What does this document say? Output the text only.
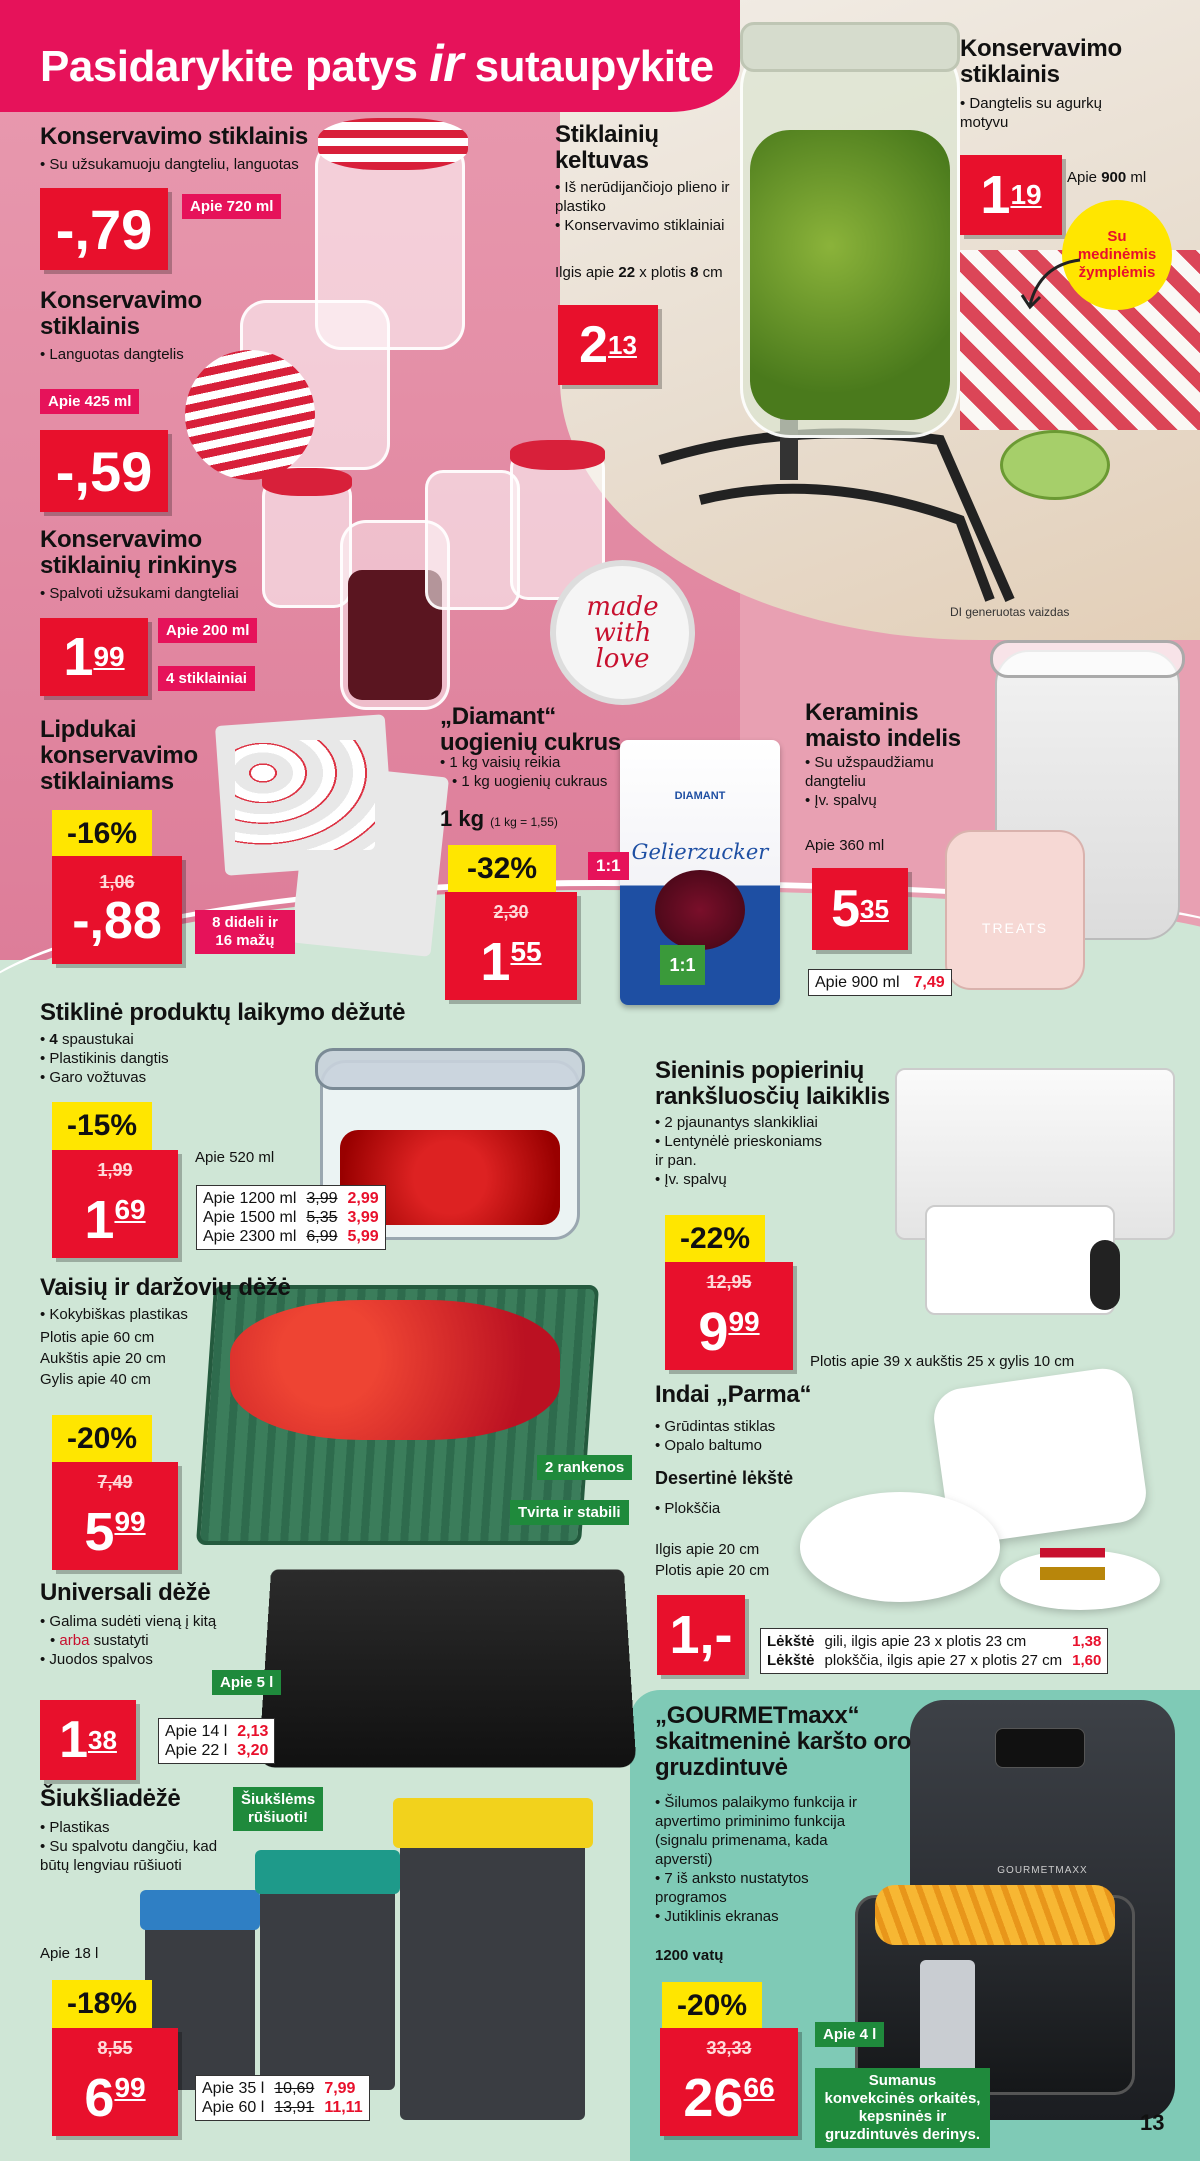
Pasidarykite patys ir sutaupykite
Konservavimo stiklainis
• Su užsukamuoju dangteliu, languotas
-,79	Apie 720 ml
Konservavimo stiklainis
• Languotas dangtelis
Apie 425 ml
-,59
made
with
love
Konservavimo stiklainių rinkinys
• Spalvoti užsukami dangteliai
1 99
Apie 200 ml
4 stiklainiai
Stiklainių keltuvas
• Iš nerūdijančiojo plieno ir plastiko
• Konservavimo stiklainiai
Ilgis apie 22 x plotis 8 cm
2 13
Konservavimo stiklainis
• Dangtelis su agurkų motyvu
1 19
Apie 900 ml
Su medinėmis žymplėmis
DI generuotas vaizdas
Lipdukai konservavimo stiklainiams
-16%
1,06
-,88	8 dideli ir 16 mažų
DIAMANT
Gelierzucker
1:1
„Diamant“ uogienių cukrus
• 1 kg vaisių reikia
• 1 kg uogienių cukraus
1 kg (1 kg = 1,55)
-32%
2,30
$1^{55}$
1:1
TREATS
Keraminis maisto indelis
• Su užspaudžiamu dangteliu
• Įv. spalvų
Apie 360 ml
5 35
Apie 900 ml 7,49
Stiklinė produktų laikymo dėžutė
• 4 spaustukai
• Plastikinis dangtis
• Garo vožtuvas
-15%
1,99
$1^{69}$
Apie 520 ml
Apie 1200 ml 3,99 2,99
Apie 1500 ml 5,35 3,99
Apie 2300 ml 6,99 5,99
Sieninis popierinių rankšluosčių laikiklis
• 2 pjaunantys slankikliai
• Lentynėlė prieskoniams ir pan.
• Įv. spalvų
-22%
12,95
$9^{99}$
Plotis apie 39 x aukštis 25 x gylis 10 cm
Vaisių ir daržovių dėžė
• Kokybiškas plastikas
Plotis apie 60 cm
Aukštis apie 20 cm
Gylis apie 40 cm
-20%
7,49
$5^{99}$
2 rankenos
Tvirta ir stabili
Indai „Parma“
• Grūdintas stiklas
• Opalo baltumo
Desertinė lėkštė
• Plokščia
Ilgis apie 20 cm
Plotis apie 20 cm
1,-	Lėkštė gili, ilgis apie 23 x plotis 23 cm	1,38
Lėkštė plokščia, ilgis apie 27 x plotis 27 cm 1,60
Universali dėžė
• Galima sudėti vieną į kitą
• arba sustatyti
• Juodos spalvos
Apie 5 l
1 38	Apie 14 l 2,13
Apie 22 l 3,20
Šiukšliadėžė	Šiukšlėms rūšiuoti!
• Plastikas
• Su spalvotu dangčiu, kad būtų lengviau rūšiuoti
Apie 18 l
-18%
8,55
$6^{99}$	Apie 35 l 10,69 7,99
Apie 60 l 13,91 11,11
GOURMETMAXX
„GOURMETmaxx“ skaitmeninė karšto oro gruzdintuvė
• Šilumos palaikymo funkcija ir apvertimo priminimo funkcija (signalu primenama, kada apversti)
• 7 iš anksto nustatytos programos
• Jutiklinis ekranas
1200 vatų
-20%
33,33
$26^{66}$
Apie 4 l
Sumanus konvekcinės orkaitės, kepsninės ir gruzdintuvės derinys.	13
